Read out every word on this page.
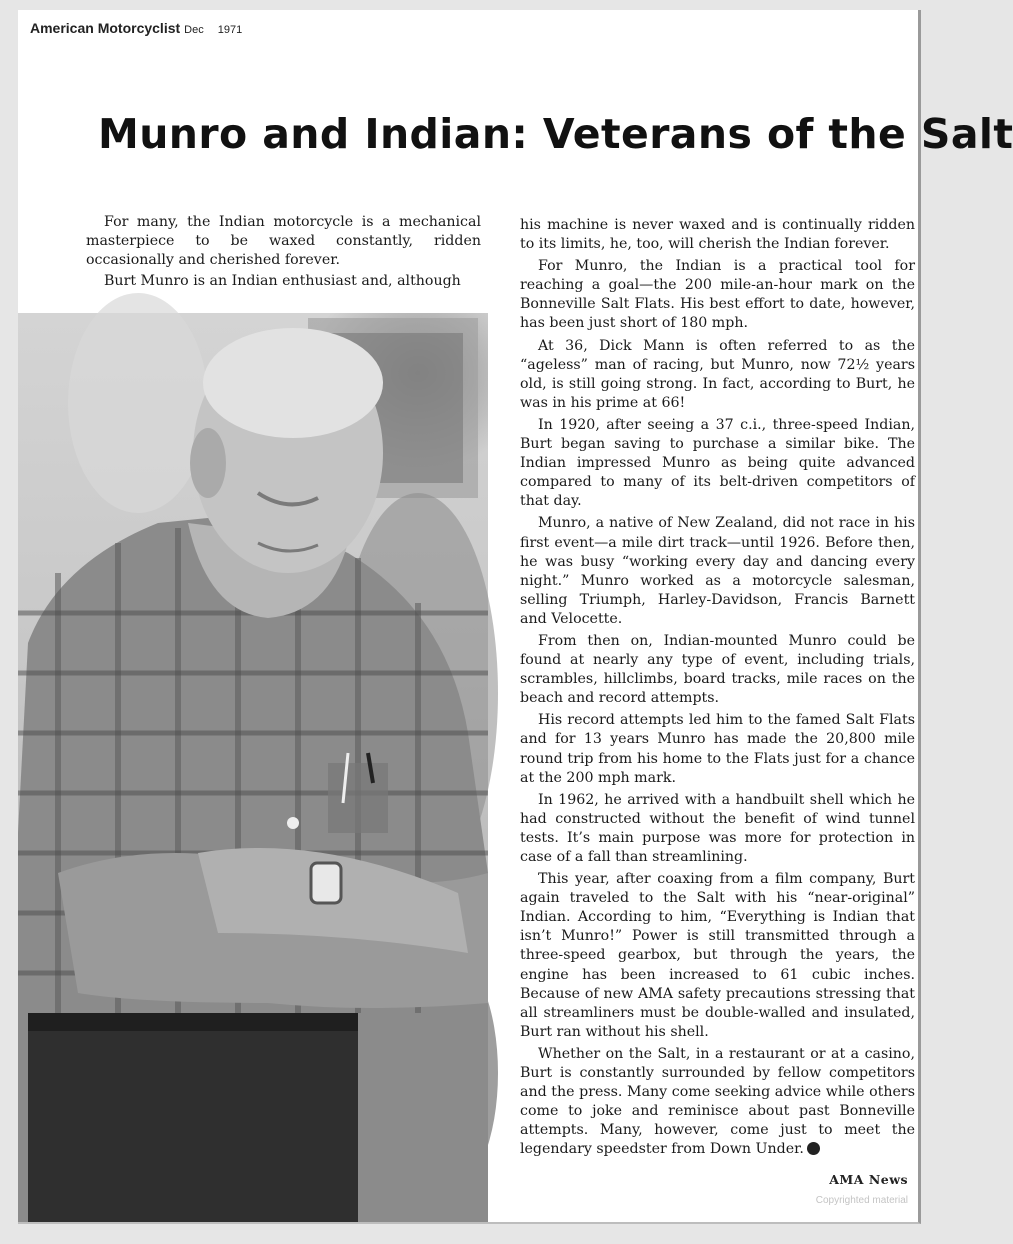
American Motorcyclist Dec 1971
Munro and Indian: Veterans of the Salt

For many, the Indian motorcycle is a mechanical masterpiece to be waxed constantly, ridden occasionally and cherished forever.

Burt Munro is an Indian enthusiast and, although

his machine is never waxed and is continually ridden to its limits, he, too, will cherish the Indian forever.

For Munro, the Indian is a practical tool for reaching a goal—the 200 mile-an-hour mark on the Bonneville Salt Flats. His best effort to date, however, has been just short of 180 mph.

At 36, Dick Mann is often referred to as the “ageless” man of racing, but Munro, now 72½ years old, is still going strong. In fact, according to Burt, he was in his prime at 66!

In 1920, after seeing a 37 c.i., three-speed Indian, Burt began saving to purchase a similar bike. The Indian impressed Munro as being quite advanced compared to many of its belt-driven competitors of that day.

Munro, a native of New Zealand, did not race in his first event—a mile dirt track—until 1926. Before then, he was busy “working every day and dancing every night.” Munro worked as a motorcycle salesman, selling Triumph, Harley-Davidson, Francis Barnett and Velocette.

From then on, Indian-mounted Munro could be found at nearly any type of event, including trials, scrambles, hillclimbs, board tracks, mile races on the beach and record attempts.

His record attempts led him to the famed Salt Flats and for 13 years Munro has made the 20,800 mile round trip from his home to the Flats just for a chance at the 200 mph mark.

In 1962, he arrived with a handbuilt shell which he had constructed without the benefit of wind tunnel tests. It’s main purpose was more for protection in case of a fall than streamlining.

This year, after coaxing from a film company, Burt again traveled to the Salt with his “near-original” Indian. According to him, “Everything is Indian that isn’t Munro!” Power is still transmitted through a three-speed gearbox, but through the years, the engine has been increased to 61 cubic inches. Because of new AMA safety precautions stressing that all streamliners must be double-walled and insulated, Burt ran without his shell.

Whether on the Salt, in a restaurant or at a casino, Burt is constantly surrounded by fellow competitors and the press. Many come seeking advice while others come to joke and reminisce about past Bonneville attempts. Many, however, come just to meet the legendary speedster from Down Under.

AMA News
Copyrighted material
